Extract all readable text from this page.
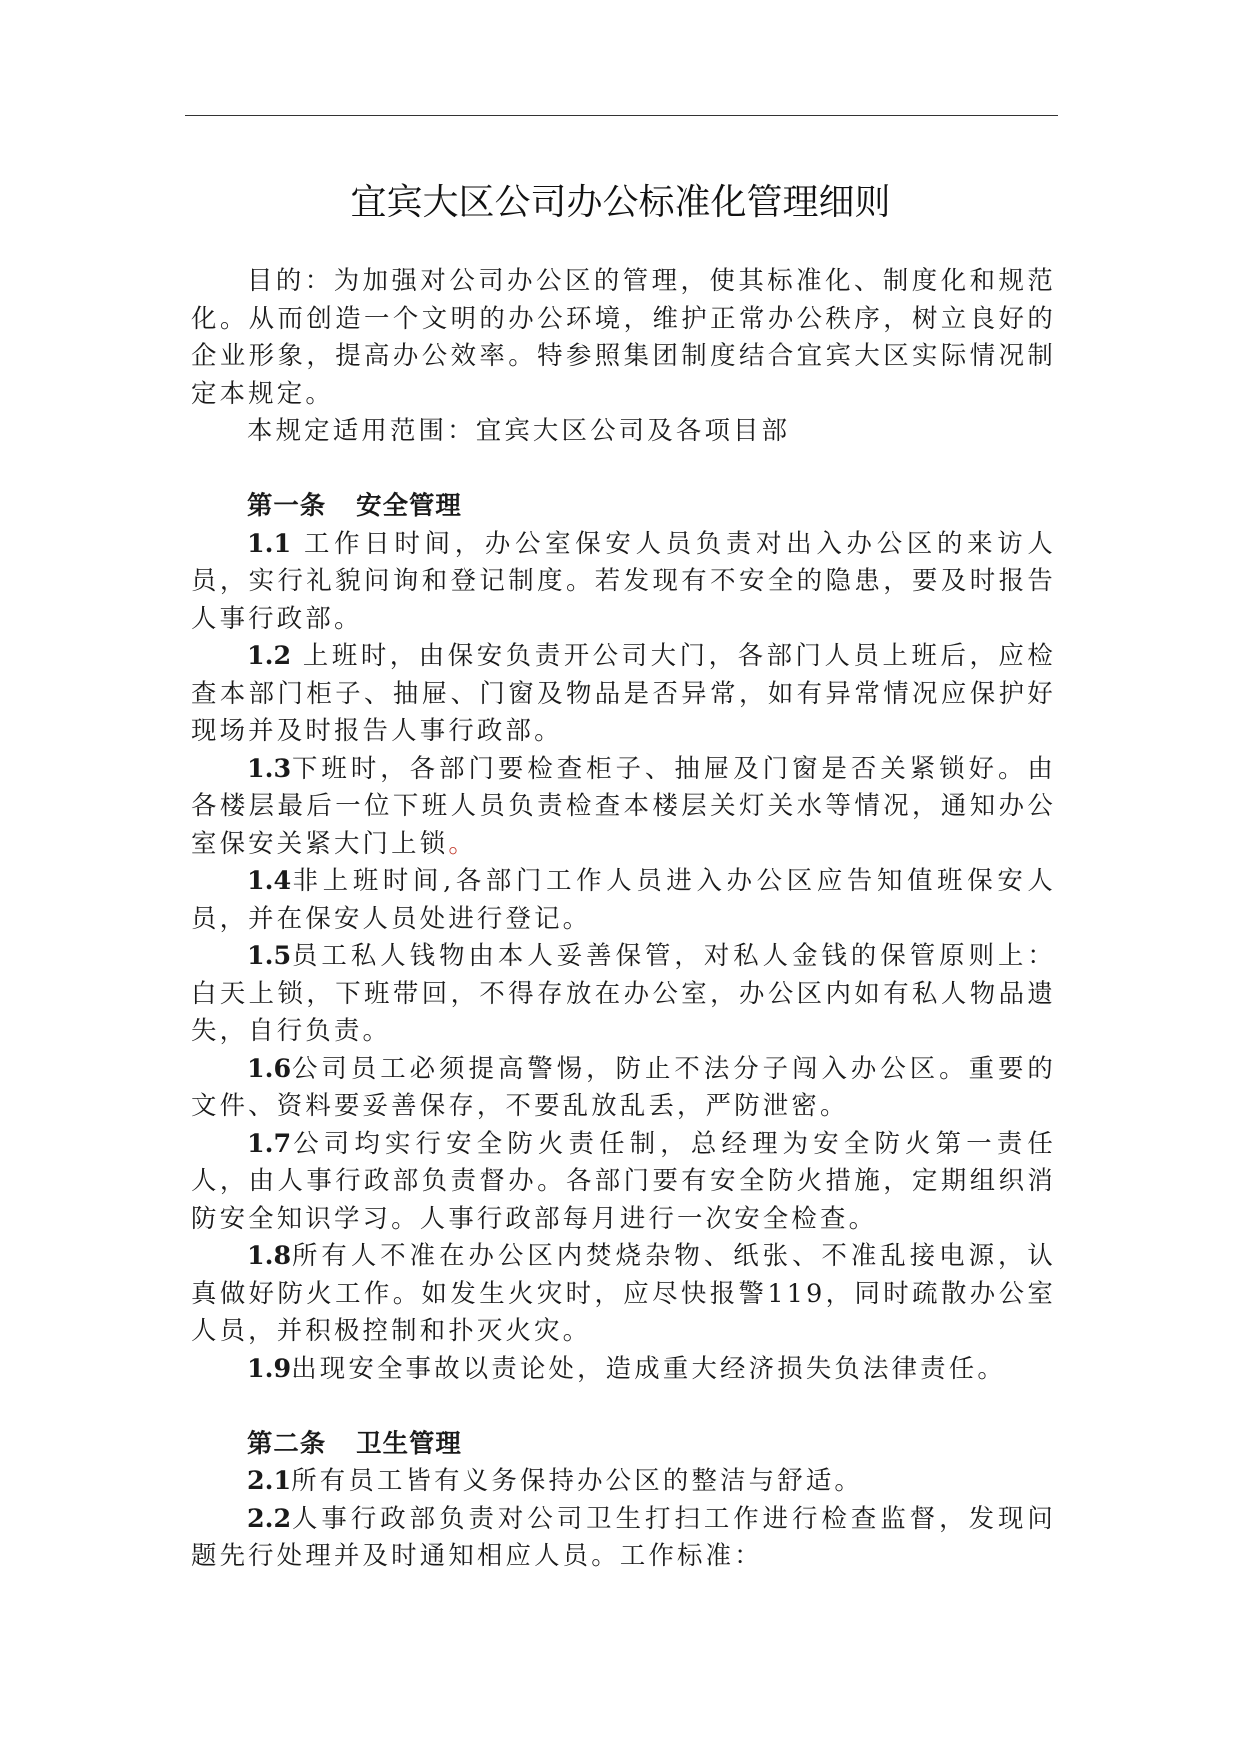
宜宾大区公司办公标准化管理细则

目的：为加强对公司办公区的管理，使其标准化、制度化和规范化。从而创造一个文明的办公环境，维护正常办公秩序，树立良好的企业形象，提高办公效率。特参照集团制度结合宜宾大区实际情况制定本规定。

本规定适用范围：宜宾大区公司及各项目部

第一条 安全管理

1.1 工作日时间，办公室保安人员负责对出入办公区的来访人员，实行礼貌问询和登记制度。若发现有不安全的隐患，要及时报告人事行政部。

1.2 上班时，由保安负责开公司大门，各部门人员上班后，应检查本部门柜子、抽屉、门窗及物品是否异常，如有异常情况应保护好现场并及时报告人事行政部。

1.3下班时，各部门要检查柜子、抽屉及门窗是否关紧锁好。由各楼层最后一位下班人员负责检查本楼层关灯关水等情况，通知办公室保安关紧大门上锁。

1.4非上班时间,各部门工作人员进入办公区应告知值班保安人员，并在保安人员处进行登记。

1.5员工私人钱物由本人妥善保管，对私人金钱的保管原则上：白天上锁，下班带回，不得存放在办公室，办公区内如有私人物品遗失，自行负责。

1.6公司员工必须提高警惕，防止不法分子闯入办公区。重要的文件、资料要妥善保存，不要乱放乱丢，严防泄密。

1.7公司均实行安全防火责任制，总经理为安全防火第一责任人，由人事行政部负责督办。各部门要有安全防火措施，定期组织消防安全知识学习。人事行政部每月进行一次安全检查。

1.8所有人不准在办公区内焚烧杂物、纸张、不准乱接电源，认真做好防火工作。如发生火灾时，应尽快报警119，同时疏散办公室人员，并积极控制和扑灭火灾。

1.9出现安全事故以责论处，造成重大经济损失负法律责任。

第二条 卫生管理

2.1所有员工皆有义务保持办公区的整洁与舒适。

2.2人事行政部负责对公司卫生打扫工作进行检查监督，发现问题先行处理并及时通知相应人员。工作标准：
